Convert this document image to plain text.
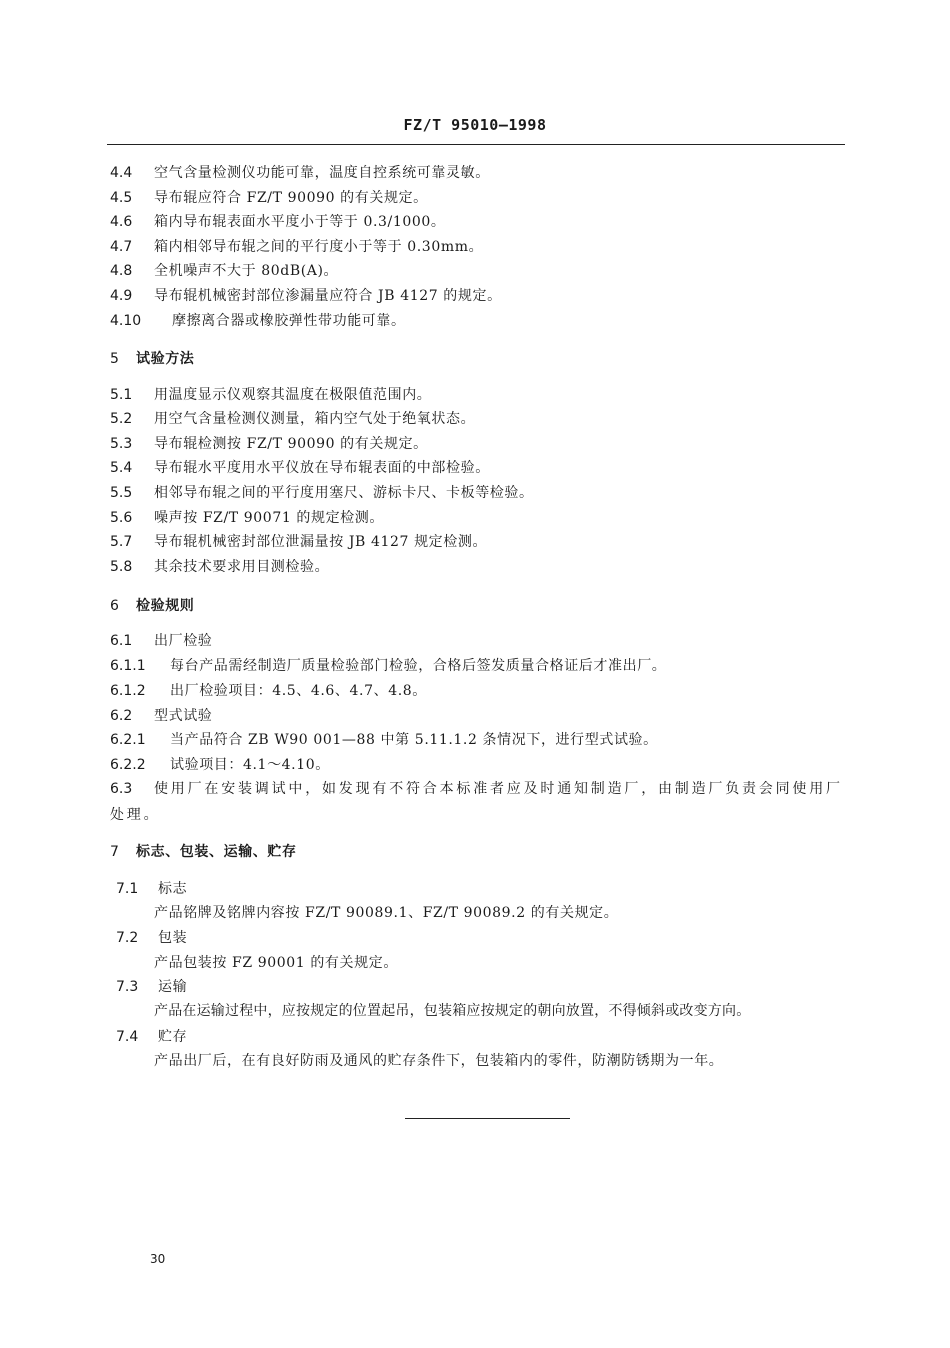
FZ/T 95010—1998
4.4 空气含量检测仪功能可靠，温度自控系统可靠灵敏。
4.5 导布辊应符合 FZ/T 90090 的有关规定。
4.6 箱内导布辊表面水平度小于等于 0.3/1000。
4.7 箱内相邻导布辊之间的平行度小于等于 0.30mm。
4.8 全机噪声不大于 80dB(A)。
4.9 导布辊机械密封部位渗漏量应符合 JB 4127 的规定。
4.10 摩擦离合器或橡胶弹性带功能可靠。
5 试验方法
5.1 用温度显示仪观察其温度在极限值范围内。
5.2 用空气含量检测仪测量，箱内空气处于绝氧状态。
5.3 导布辊检测按 FZ/T 90090 的有关规定。
5.4 导布辊水平度用水平仪放在导布辊表面的中部检验。
5.5 相邻导布辊之间的平行度用塞尺、游标卡尺、卡板等检验。
5.6 噪声按 FZ/T 90071 的规定检测。
5.7 导布辊机械密封部位泄漏量按 JB 4127 规定检测。
5.8 其余技术要求用目测检验。
6 检验规则
6.1 出厂检验
6.1.1 每台产品需经制造厂质量检验部门检验，合格后签发质量合格证后才准出厂。
6.1.2 出厂检验项目：4.5、4.6、4.7、4.8。
6.2 型式试验
6.2.1 当产品符合 ZB W90 001—88 中第 5.11.1.2 条情况下，进行型式试验。
6.2.2 试验项目：4.1～4.10。
6.3 使用厂在安装调试中，如发现有不符合本标准者应及时通知制造厂，由制造厂负责会同使用厂处理。
7 标志、包装、运输、贮存
7.1 标志
产品铭牌及铭牌内容按 FZ/T 90089.1、FZ/T 90089.2 的有关规定。
7.2 包装
产品包装按 FZ 90001 的有关规定。
7.3 运输
产品在运输过程中，应按规定的位置起吊，包装箱应按规定的朝向放置，不得倾斜或改变方向。
7.4 贮存
产品出厂后，在有良好防雨及通风的贮存条件下，包装箱内的零件，防潮防锈期为一年。
30
